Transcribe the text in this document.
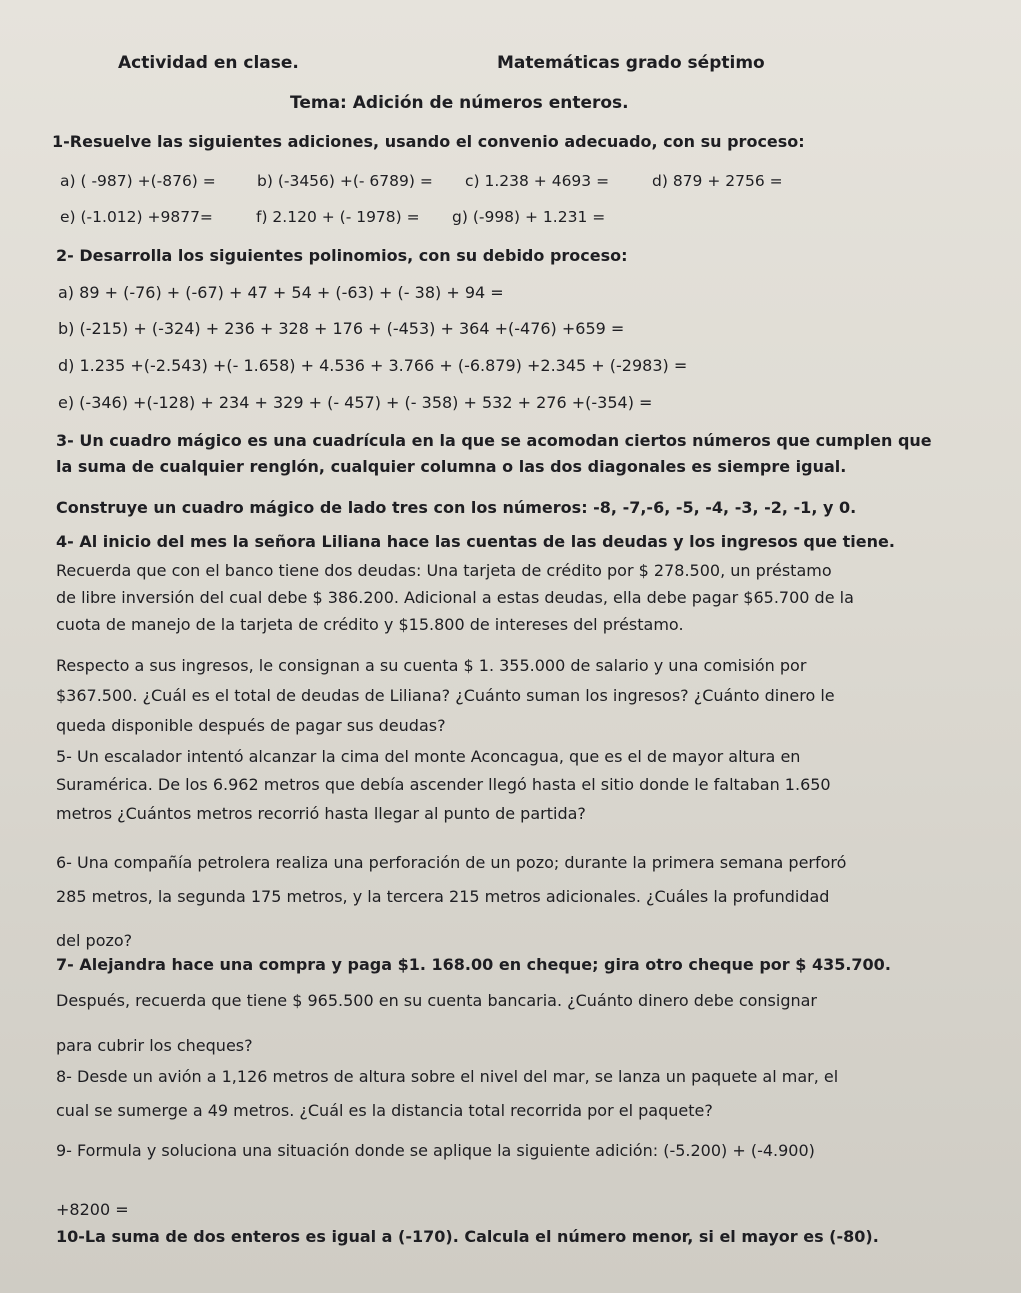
Actividad en clase.	Matemáticas grado séptimo
Tema: Adición de números enteros.
1-Resuelve las siguientes adiciones, usando el convenio adecuado, con su proceso:
a) ( -987) +(-876) =	b) (-3456) +(- 6789) = c) 1.238 + 4693 =	d) 879 + 2756 =
e) (-1.012) +9877=	f) 2.120 + (- 1978) = g) (-998) + 1.231 =
2- Desarrolla los siguientes polinomios, con su debido proceso:
a) 89 + (-76) + (-67) + 47 + 54 + (-63) + (- 38) + 94 =
b) (-215) + (-324) + 236 + 328 + 176 + (-453) + 364 +(-476) +659 =
d) 1.235 +(-2.543) +(- 1.658) + 4.536 + 3.766 + (-6.879) +2.345 + (-2983) =
e) (-346) +(-128) + 234 + 329 + (- 457) + (- 358) + 532 + 276 +(-354) =
3- Un cuadro mágico es una cuadrícula en la que se acomodan ciertos números que cumplen que
la suma de cualquier renglón, cualquier columna o las dos diagonales es siempre igual.
Construye un cuadro mágico de lado tres con los números: -8, -7,-6, -5, -4, -3, -2, -1, y 0.
4- Al inicio del mes la señora Liliana hace las cuentas de las deudas y los ingresos que tiene.
Recuerda que con el banco tiene dos deudas: Una tarjeta de crédito por $ 278.500, un préstamo
de libre inversión del cual debe $ 386.200. Adicional a estas deudas, ella debe pagar $65.700 de la
cuota de manejo de la tarjeta de crédito y $15.800 de intereses del préstamo.
Respecto a sus ingresos, le consignan a su cuenta $ 1. 355.000 de salario y una comisión por
$367.500. ¿Cuál es el total de deudas de Liliana? ¿Cuánto suman los ingresos? ¿Cuánto dinero le
queda disponible después de pagar sus deudas?
5- Un escalador intentó alcanzar la cima del monte Aconcagua, que es el de mayor altura en
Suramérica. De los 6.962 metros que debía ascender llegó hasta el sitio donde le faltaban 1.650
metros ¿Cuántos metros recorrió hasta llegar al punto de partida?
6- Una compañía petrolera realiza una perforación de un pozo; durante la primera semana perforó
285 metros, la segunda 175 metros, y la tercera 215 metros adicionales. ¿Cuáles la profundidad
del pozo?
7- Alejandra hace una compra y paga $1. 168.00 en cheque; gira otro cheque por $ 435.700.
Después, recuerda que tiene $ 965.500 en su cuenta bancaria. ¿Cuánto dinero debe consignar
para cubrir los cheques?
8- Desde un avión a 1,126 metros de altura sobre el nivel del mar, se lanza un paquete al mar, el
cual se sumerge a 49 metros. ¿Cuál es la distancia total recorrida por el paquete?
9- Formula y soluciona una situación donde se aplique la siguiente adición: (-5.200) + (-4.900)
+8200 =
10-La suma de dos enteros es igual a (-170). Calcula el número menor, si el mayor es (-80).
